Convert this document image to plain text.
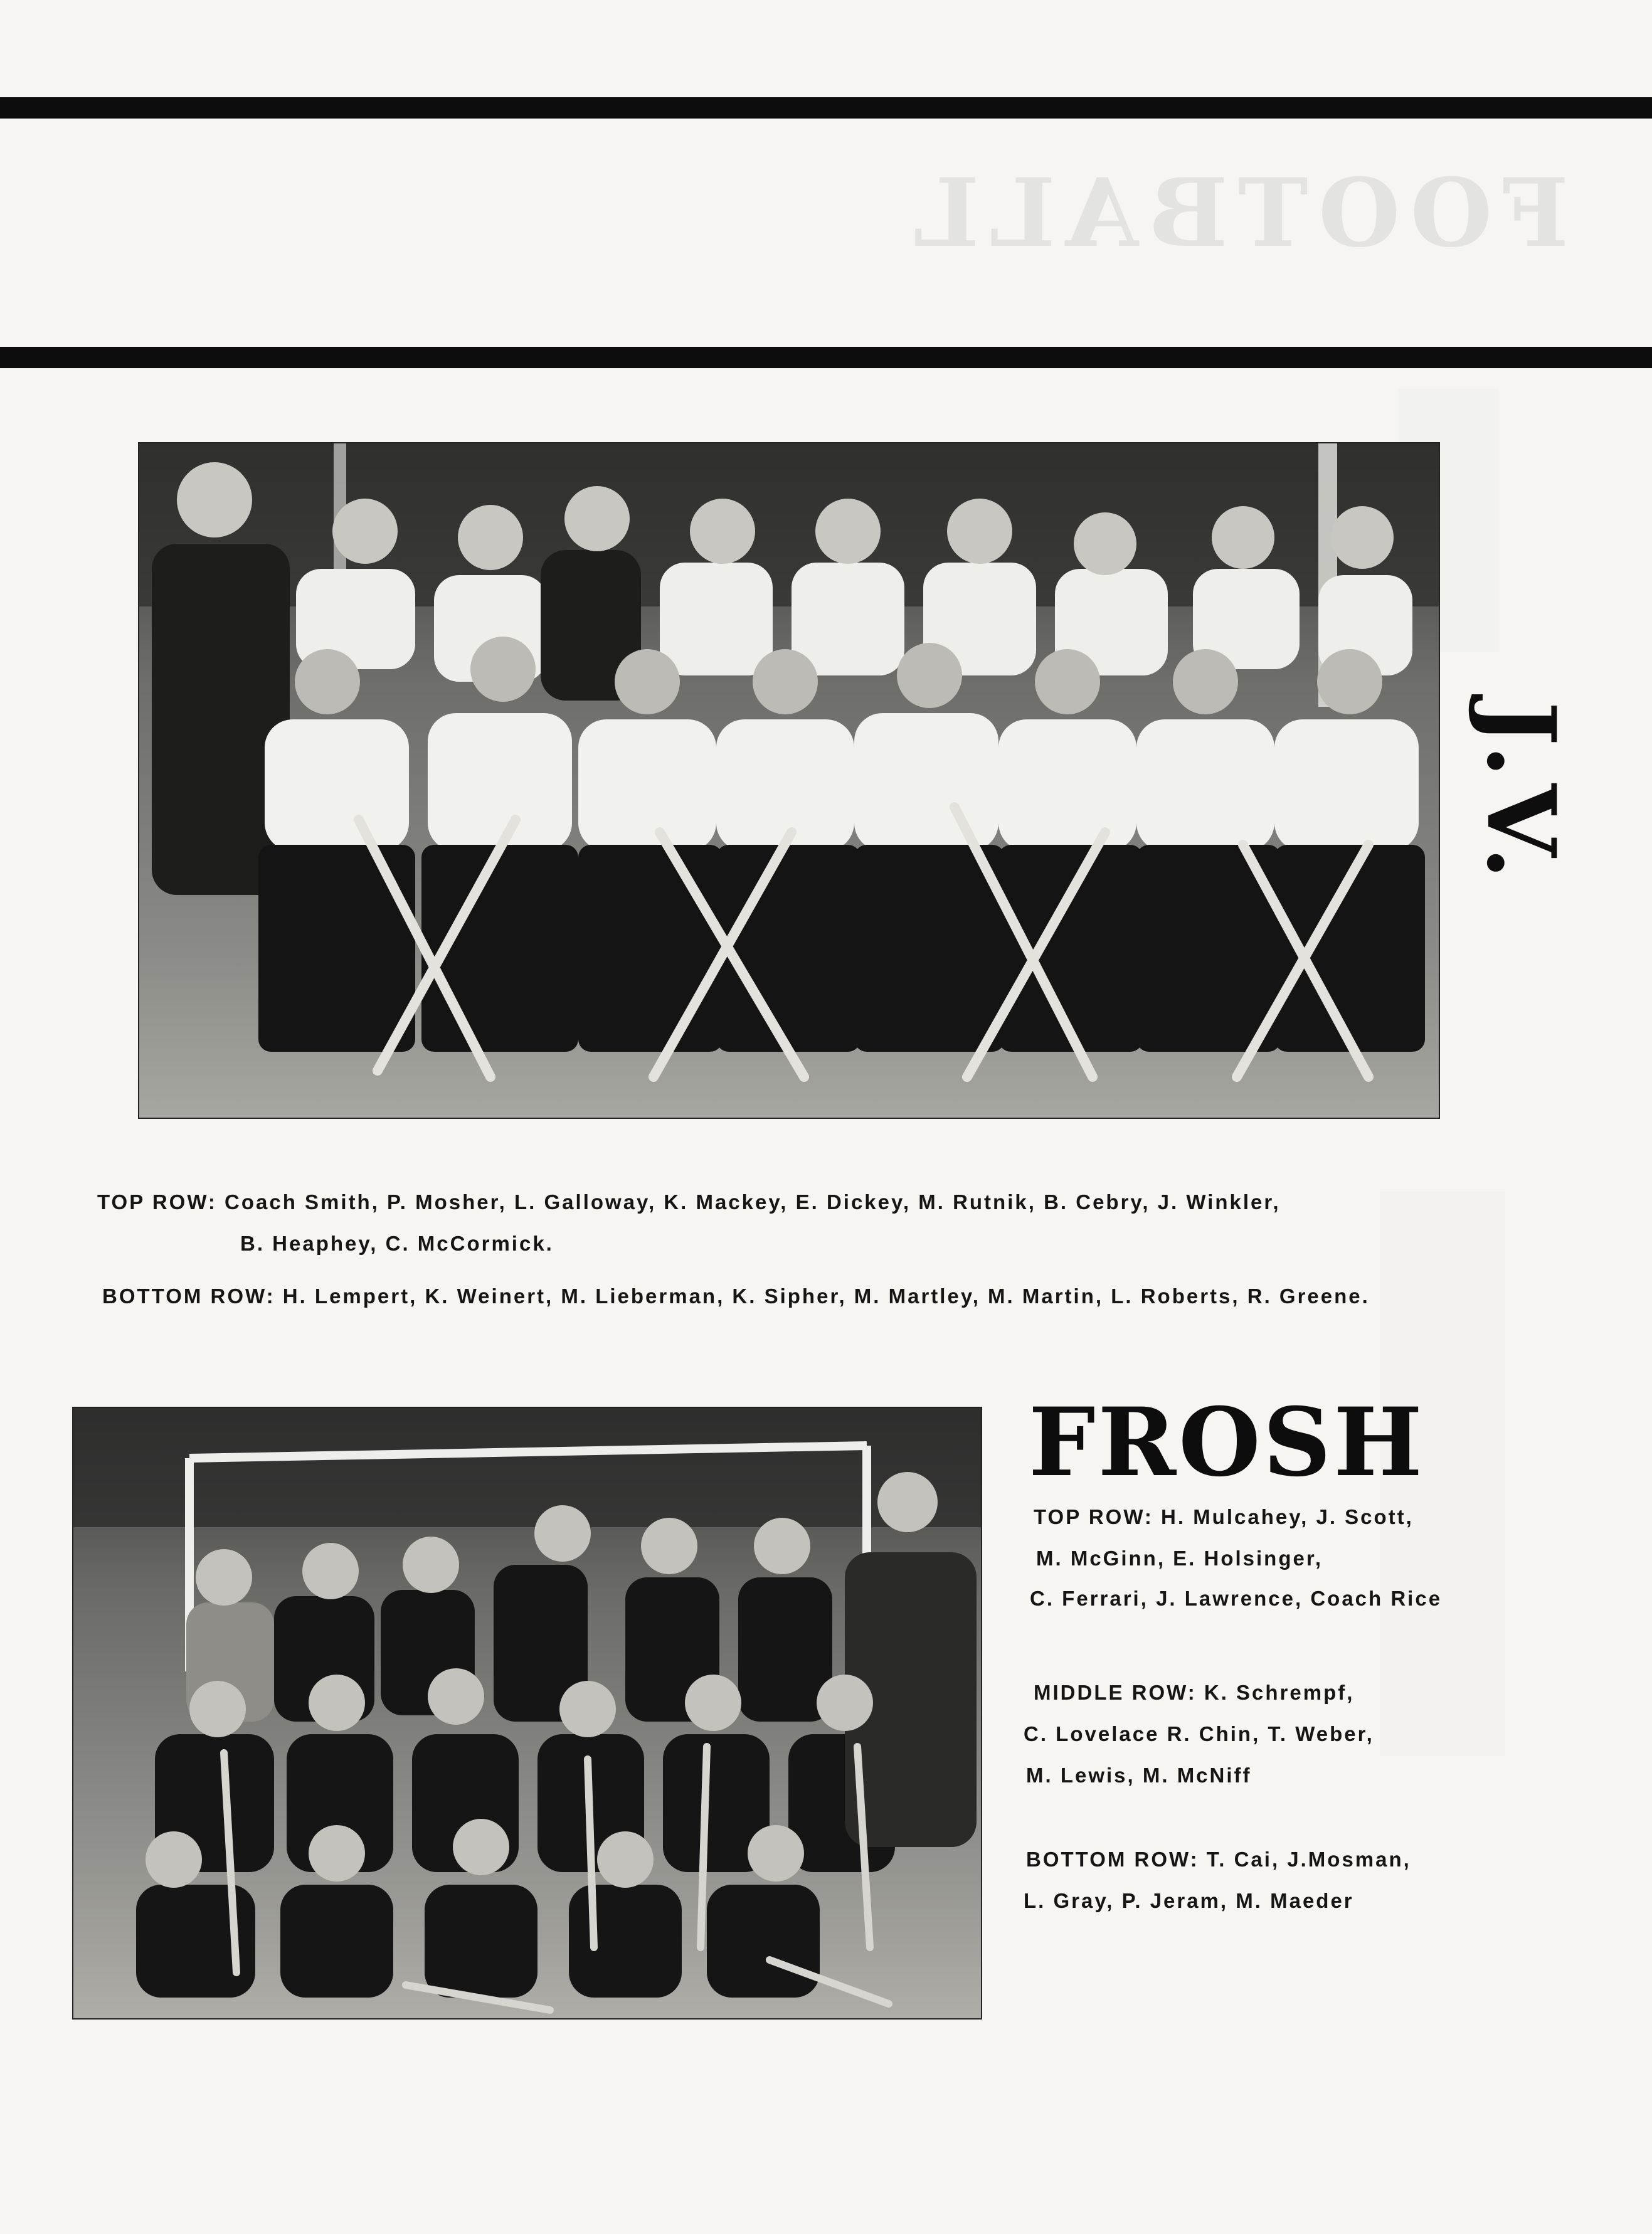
FOOTBALL
J.V.
TOP ROW: Coach Smith, P. Mosher, L. Galloway, K. Mackey, E. Dickey, M. Rutnik, B. Cebry, J. Winkler,
B. Heaphey, C. McCormick.
BOTTOM ROW: H. Lempert, K. Weinert, M. Lieberman, K. Sipher, M. Martley, M. Martin, L. Roberts, R. Greene.
FROSH
TOP ROW: H. Mulcahey, J. Scott,
M. McGinn, E. Holsinger,
C. Ferrari, J. Lawrence, Coach Rice
MIDDLE ROW: K. Schrempf,
C. Lovelace R. Chin, T. Weber,
M. Lewis, M. McNiff
BOTTOM ROW: T. Cai, J.Mosman,
L. Gray, P. Jeram, M. Maeder
